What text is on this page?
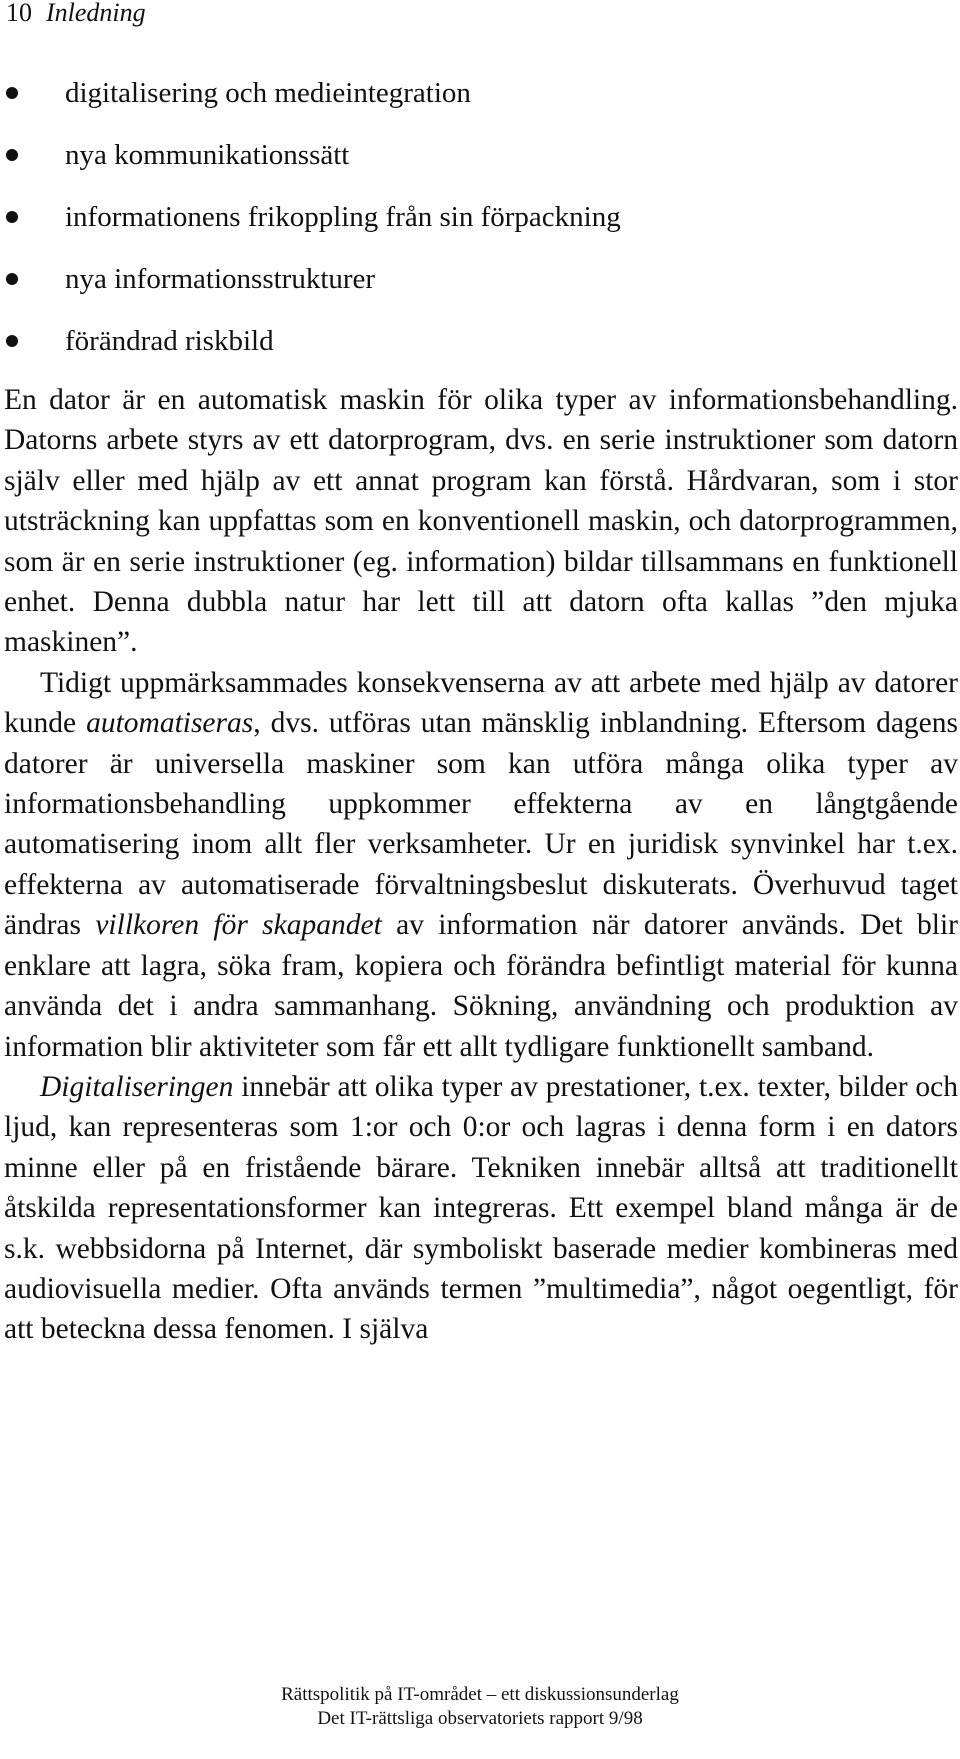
10 Inledning
digitalisering och medieintegration
nya kommunikationssätt
informationens frikoppling från sin förpackning
nya informationsstrukturer
förändrad riskbild

En dator är en automatisk maskin för olika typer av informationsbehandling. Datorns arbete styrs av ett datorprogram, dvs. en serie instruktioner som datorn själv eller med hjälp av ett annat program kan förstå. Hårdvaran, som i stor utsträckning kan uppfattas som en konventionell maskin, och datorprogrammen, som är en serie instruktioner (eg. information) bildar tillsammans en funktionell enhet. Denna dubbla natur har lett till att datorn ofta kallas ”den mjuka maskinen”.

Tidigt uppmärksammades konsekvenserna av att arbete med hjälp av datorer kunde automatiseras, dvs. utföras utan mänsklig inblandning. Eftersom dagens datorer är universella maskiner som kan utföra många olika typer av informationsbehandling uppkommer effekterna av en långtgående automatisering inom allt fler verksamheter. Ur en juridisk synvinkel har t.ex. effekterna av automatiserade förvaltningsbeslut diskuterats. Överhuvud taget ändras villkoren för skapandet av information när datorer används. Det blir enklare att lagra, söka fram, kopiera och förändra befintligt material för kunna använda det i andra sammanhang. Sökning, användning och produktion av information blir aktiviteter som får ett allt tydligare funktionellt samband.

Digitaliseringen innebär att olika typer av prestationer, t.ex. texter, bilder och ljud, kan representeras som 1:or och 0:or och lagras i denna form i en dators minne eller på en fristående bärare. Tekniken innebär alltså att traditionellt åtskilda representationsformer kan integreras. Ett exempel bland många är de s.k. webbsidorna på Internet, där symboliskt baserade medier kombineras med audiovisuella medier. Ofta används termen ”multimedia”, något oegentligt, för att beteckna dessa fenomen. I själva

Rättspolitik på IT-området – ett diskussionsunderlag
Det IT-rättsliga observatoriets rapport 9/98
